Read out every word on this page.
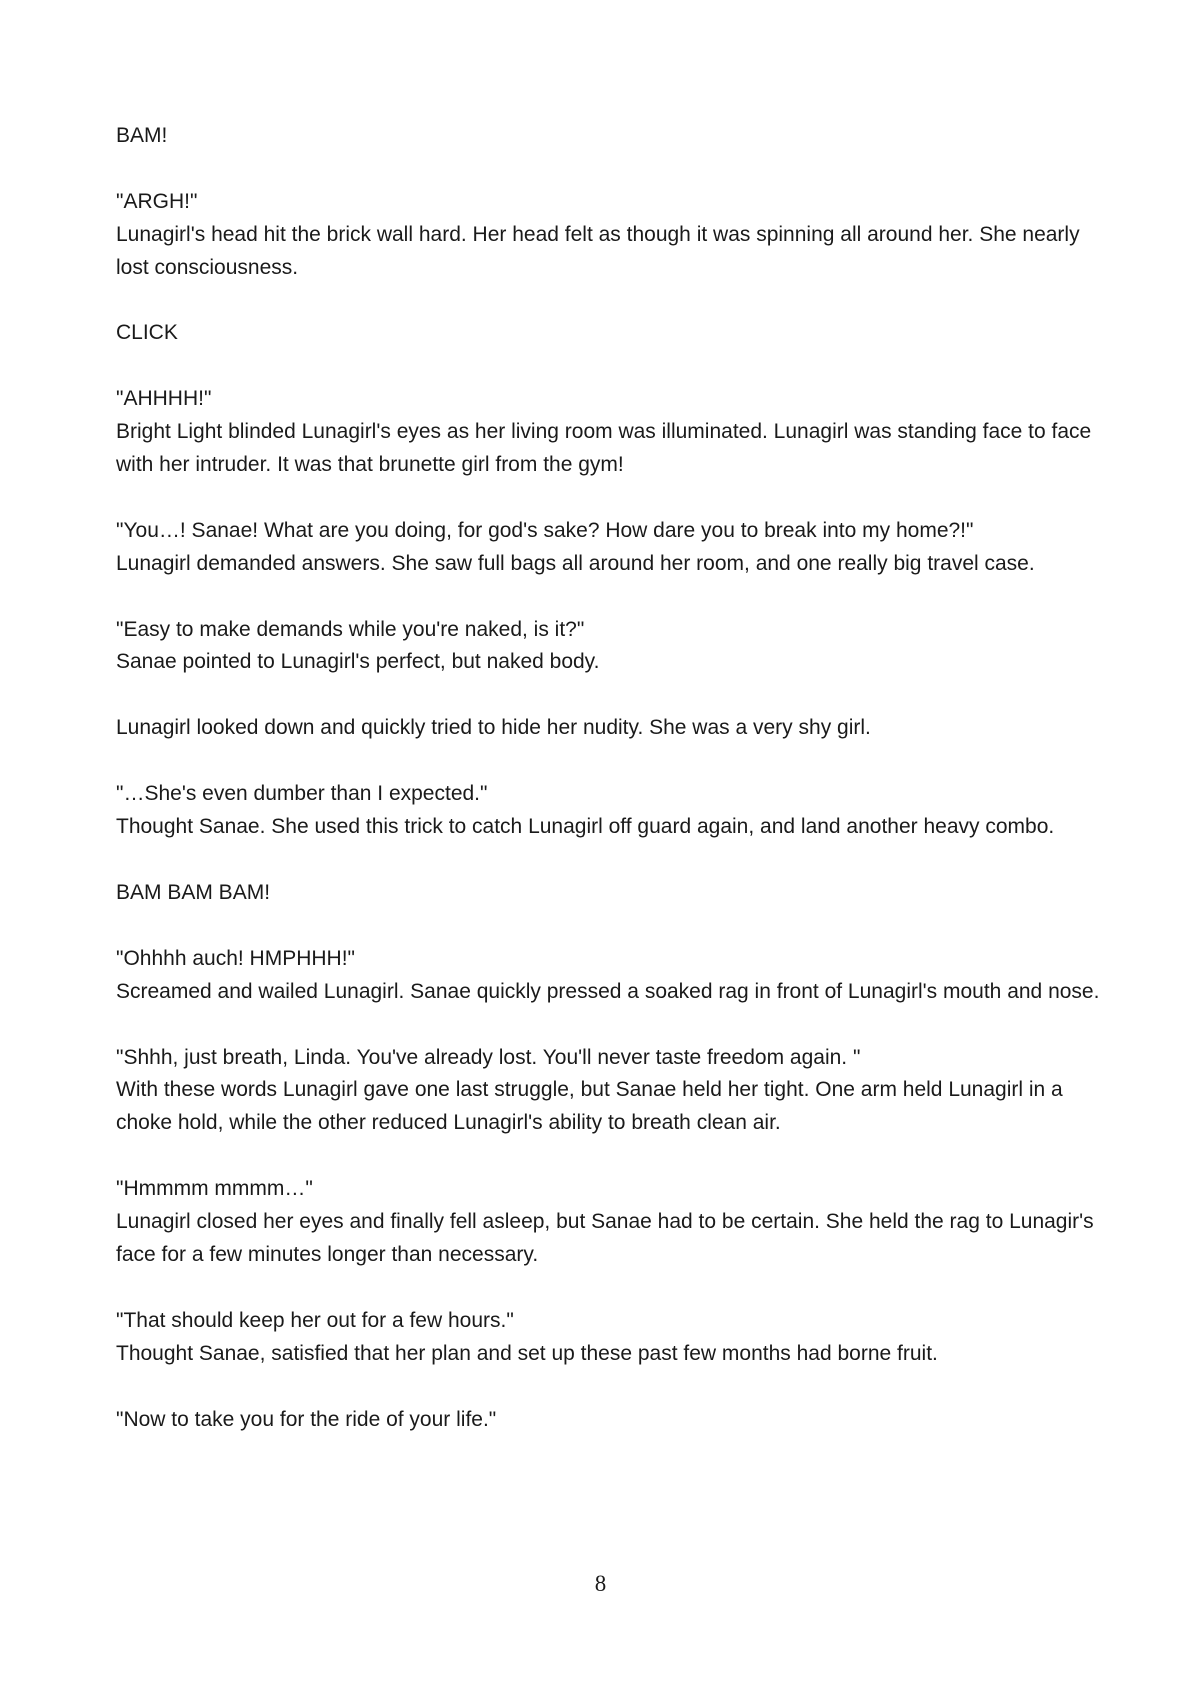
BAM!
"ARGH!"
Lunagirl's head hit the brick wall hard. Her head felt as though it was spinning all around her. She nearly
lost consciousness.
CLICK
"AHHHH!"
Bright Light blinded Lunagirl's eyes as her living room was illuminated. Lunagirl was standing face to face
with her intruder. It was that brunette girl from the gym!
"You…! Sanae! What are you doing, for god's sake? How dare you to break into my home?!"
Lunagirl demanded answers. She saw full bags all around her room, and one really big travel case.
"Easy to make demands while you're naked, is it?"
Sanae pointed to Lunagirl's perfect, but naked body.
Lunagirl looked down and quickly tried to hide her nudity. She was a very shy girl.
"…She's even dumber than I expected."
Thought Sanae. She used this trick to catch Lunagirl off guard again, and land another heavy combo.
BAM BAM BAM!
"Ohhhh auch! HMPHHH!"
Screamed and wailed Lunagirl. Sanae quickly pressed a soaked rag in front of Lunagirl's mouth and nose.
"Shhh, just breath, Linda. You've already lost. You'll never taste freedom again. "
With these words Lunagirl gave one last struggle, but Sanae held her tight. One arm held Lunagirl in a
choke hold, while the other reduced Lunagirl's ability to breath clean air.
"Hmmmm mmmm…"
Lunagirl closed her eyes and finally fell asleep, but Sanae had to be certain. She held the rag to Lunagir's
face for a few minutes longer than necessary.
"That should keep her out for a few hours."
Thought Sanae, satisfied that her plan and set up these past few months had borne fruit.
"Now to take you for the ride of your life."
8
